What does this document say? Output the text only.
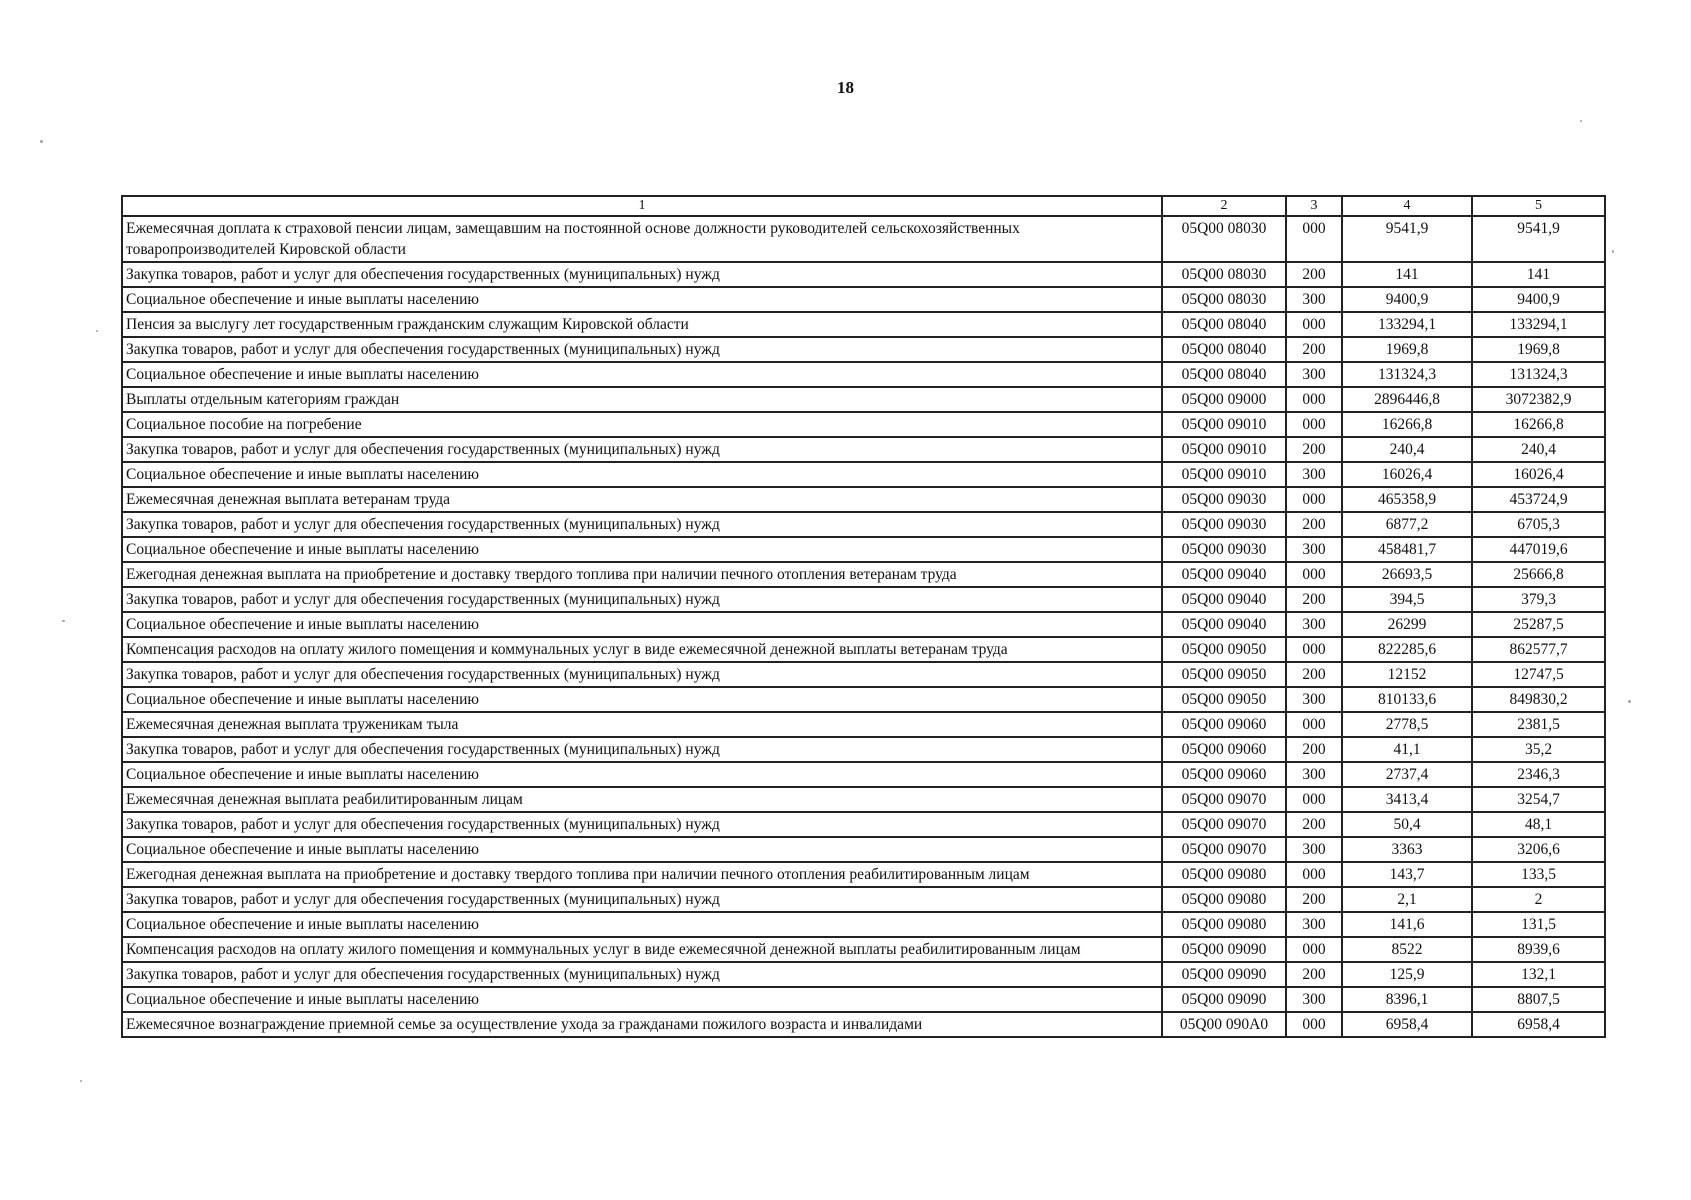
18
1	2	3	4	5
Ежемесячная доплата к страховой пенсии лицам, замещавшим на постоянной основе должности руководителей сельскохозяйственных товаропроизводителей Кировской области	05Q00 08030	000	9541,9	9541,9
Закупка товаров, работ и услуг для обеспечения государственных (муниципальных) нужд	05Q00 08030	200	141	141
Социальное обеспечение и иные выплаты населению	05Q00 08030	300	9400,9	9400,9
Пенсия за выслугу лет государственным гражданским служащим Кировской области	05Q00 08040	000	133294,1	133294,1
Закупка товаров, работ и услуг для обеспечения государственных (муниципальных) нужд	05Q00 08040	200	1969,8	1969,8
Социальное обеспечение и иные выплаты населению	05Q00 08040	300	131324,3	131324,3
Выплаты отдельным категориям граждан	05Q00 09000	000	2896446,8	3072382,9
Социальное пособие на погребение	05Q00 09010	000	16266,8	16266,8
Закупка товаров, работ и услуг для обеспечения государственных (муниципальных) нужд	05Q00 09010	200	240,4	240,4
Социальное обеспечение и иные выплаты населению	05Q00 09010	300	16026,4	16026,4
Ежемесячная денежная выплата ветеранам труда	05Q00 09030	000	465358,9	453724,9
Закупка товаров, работ и услуг для обеспечения государственных (муниципальных) нужд	05Q00 09030	200	6877,2	6705,3
Социальное обеспечение и иные выплаты населению	05Q00 09030	300	458481,7	447019,6
Ежегодная денежная выплата на приобретение и доставку твердого топлива при наличии печного отопления ветеранам труда	05Q00 09040	000	26693,5	25666,8
Закупка товаров, работ и услуг для обеспечения государственных (муниципальных) нужд	05Q00 09040	200	394,5	379,3
Социальное обеспечение и иные выплаты населению	05Q00 09040	300	26299	25287,5
Компенсация расходов на оплату жилого помещения и коммунальных услуг в виде ежемесячной денежной выплаты ветеранам труда	05Q00 09050	000	822285,6	862577,7
Закупка товаров, работ и услуг для обеспечения государственных (муниципальных) нужд	05Q00 09050	200	12152	12747,5
Социальное обеспечение и иные выплаты населению	05Q00 09050	300	810133,6	849830,2
Ежемесячная денежная выплата труженикам тыла	05Q00 09060	000	2778,5	2381,5
Закупка товаров, работ и услуг для обеспечения государственных (муниципальных) нужд	05Q00 09060	200	41,1	35,2
Социальное обеспечение и иные выплаты населению	05Q00 09060	300	2737,4	2346,3
Ежемесячная денежная выплата реабилитированным лицам	05Q00 09070	000	3413,4	3254,7
Закупка товаров, работ и услуг для обеспечения государственных (муниципальных) нужд	05Q00 09070	200	50,4	48,1
Социальное обеспечение и иные выплаты населению	05Q00 09070	300	3363	3206,6
Ежегодная денежная выплата на приобретение и доставку твердого топлива при наличии печного отопления реабилитированным лицам	05Q00 09080	000	143,7	133,5
Закупка товаров, работ и услуг для обеспечения государственных (муниципальных) нужд	05Q00 09080	200	2,1	2
Социальное обеспечение и иные выплаты населению	05Q00 09080	300	141,6	131,5
Компенсация расходов на оплату жилого помещения и коммунальных услуг в виде ежемесячной денежной выплаты реабилитированным лицам	05Q00 09090	000	8522	8939,6
Закупка товаров, работ и услуг для обеспечения государственных (муниципальных) нужд	05Q00 09090	200	125,9	132,1
Социальное обеспечение и иные выплаты населению	05Q00 09090	300	8396,1	8807,5
Ежемесячное вознаграждение приемной семье за осуществление ухода за гражданами пожилого возраста и инвалидами	05Q00 090A0	000	6958,4	6958,4
